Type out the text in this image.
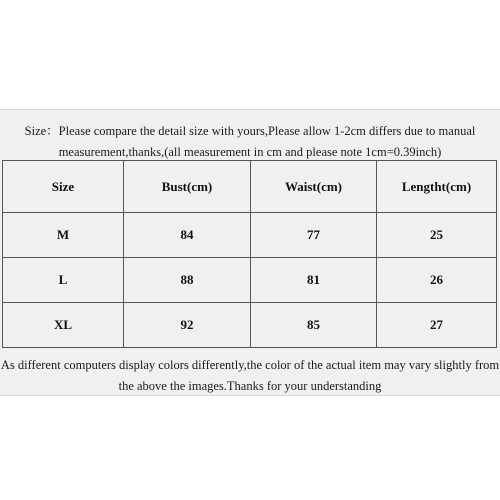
Size：Please compare the detail size with yours,Please allow 1-2cm differs due to manual
measurement,thanks,(all measurement in cm and please note 1cm=0.39inch)
Size	Bust(cm)	Waist(cm)	Lengtht(cm)
M	84	77	25
L	88	81	26
XL	92	85	27
As different computers display colors differently,the color of the actual item may vary slightly from
the above the images.Thanks for your understanding
